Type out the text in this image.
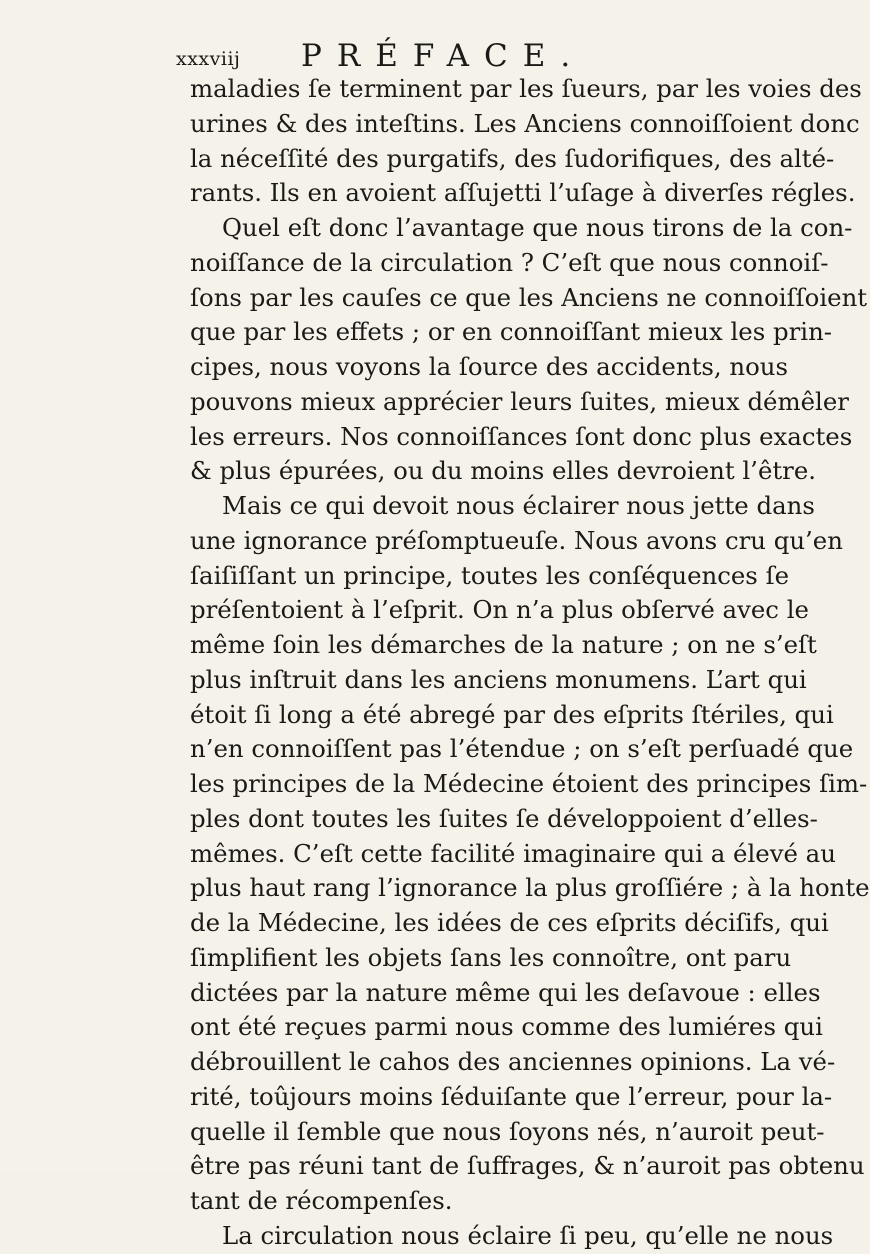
xxxviij PRÉFACE.
maladies ſe terminent par les ſueurs, par les voies des
urines & des inteſtins. Les Anciens connoiſſoient donc
la néceſſité des purgatifs, des ſudorifiques, des alté-
rants. Ils en avoient aſſujetti l’uſage à diverſes régles.
Quel eſt donc l’avantage que nous tirons de la con-
noiſſance de la circulation ? C’eſt que nous connoiſ-
ſons par les cauſes ce que les Anciens ne connoiſſoient
que par les effets ; or en connoiſſant mieux les prin-
cipes, nous voyons la ſource des accidents, nous
pouvons mieux apprécier leurs ſuites, mieux démêler
les erreurs. Nos connoiſſances ſont donc plus exactes
& plus épurées, ou du moins elles devroient l’être.
Mais ce qui devoit nous éclairer nous jette dans
une ignorance préſomptueuſe. Nous avons cru qu’en
ſaiſiſſant un principe, toutes les conſéquences ſe
préſentoient à l’eſprit. On n’a plus obſervé avec le
même ſoin les démarches de la nature ; on ne s’eſt
plus inſtruit dans les anciens monumens. L’art qui
étoit ſi long a été abregé par des eſprits ſtériles, qui
n’en connoiſſent pas l’étendue ; on s’eſt perſuadé que
les principes de la Médecine étoient des principes ſim-
ples dont toutes les ſuites ſe développoient d’elles-
mêmes. C’eſt cette facilité imaginaire qui a élevé au
plus haut rang l’ignorance la plus groſſiére ; à la honte
de la Médecine, les idées de ces eſprits déciſifs, qui
ſimplifient les objets ſans les connoître, ont paru
dictées par la nature même qui les deſavoue : elles
ont été reçues parmi nous comme des lumiéres qui
débrouillent le cahos des anciennes opinions. La vé-
rité, toûjours moins ſéduiſante que l’erreur, pour la-
quelle il ſemble que nous ſoyons nés, n’auroit peut-
être pas réuni tant de ſuffrages, & n’auroit pas obtenu
tant de récompenſes.
La circulation nous éclaire ſi peu, qu’elle ne nous
